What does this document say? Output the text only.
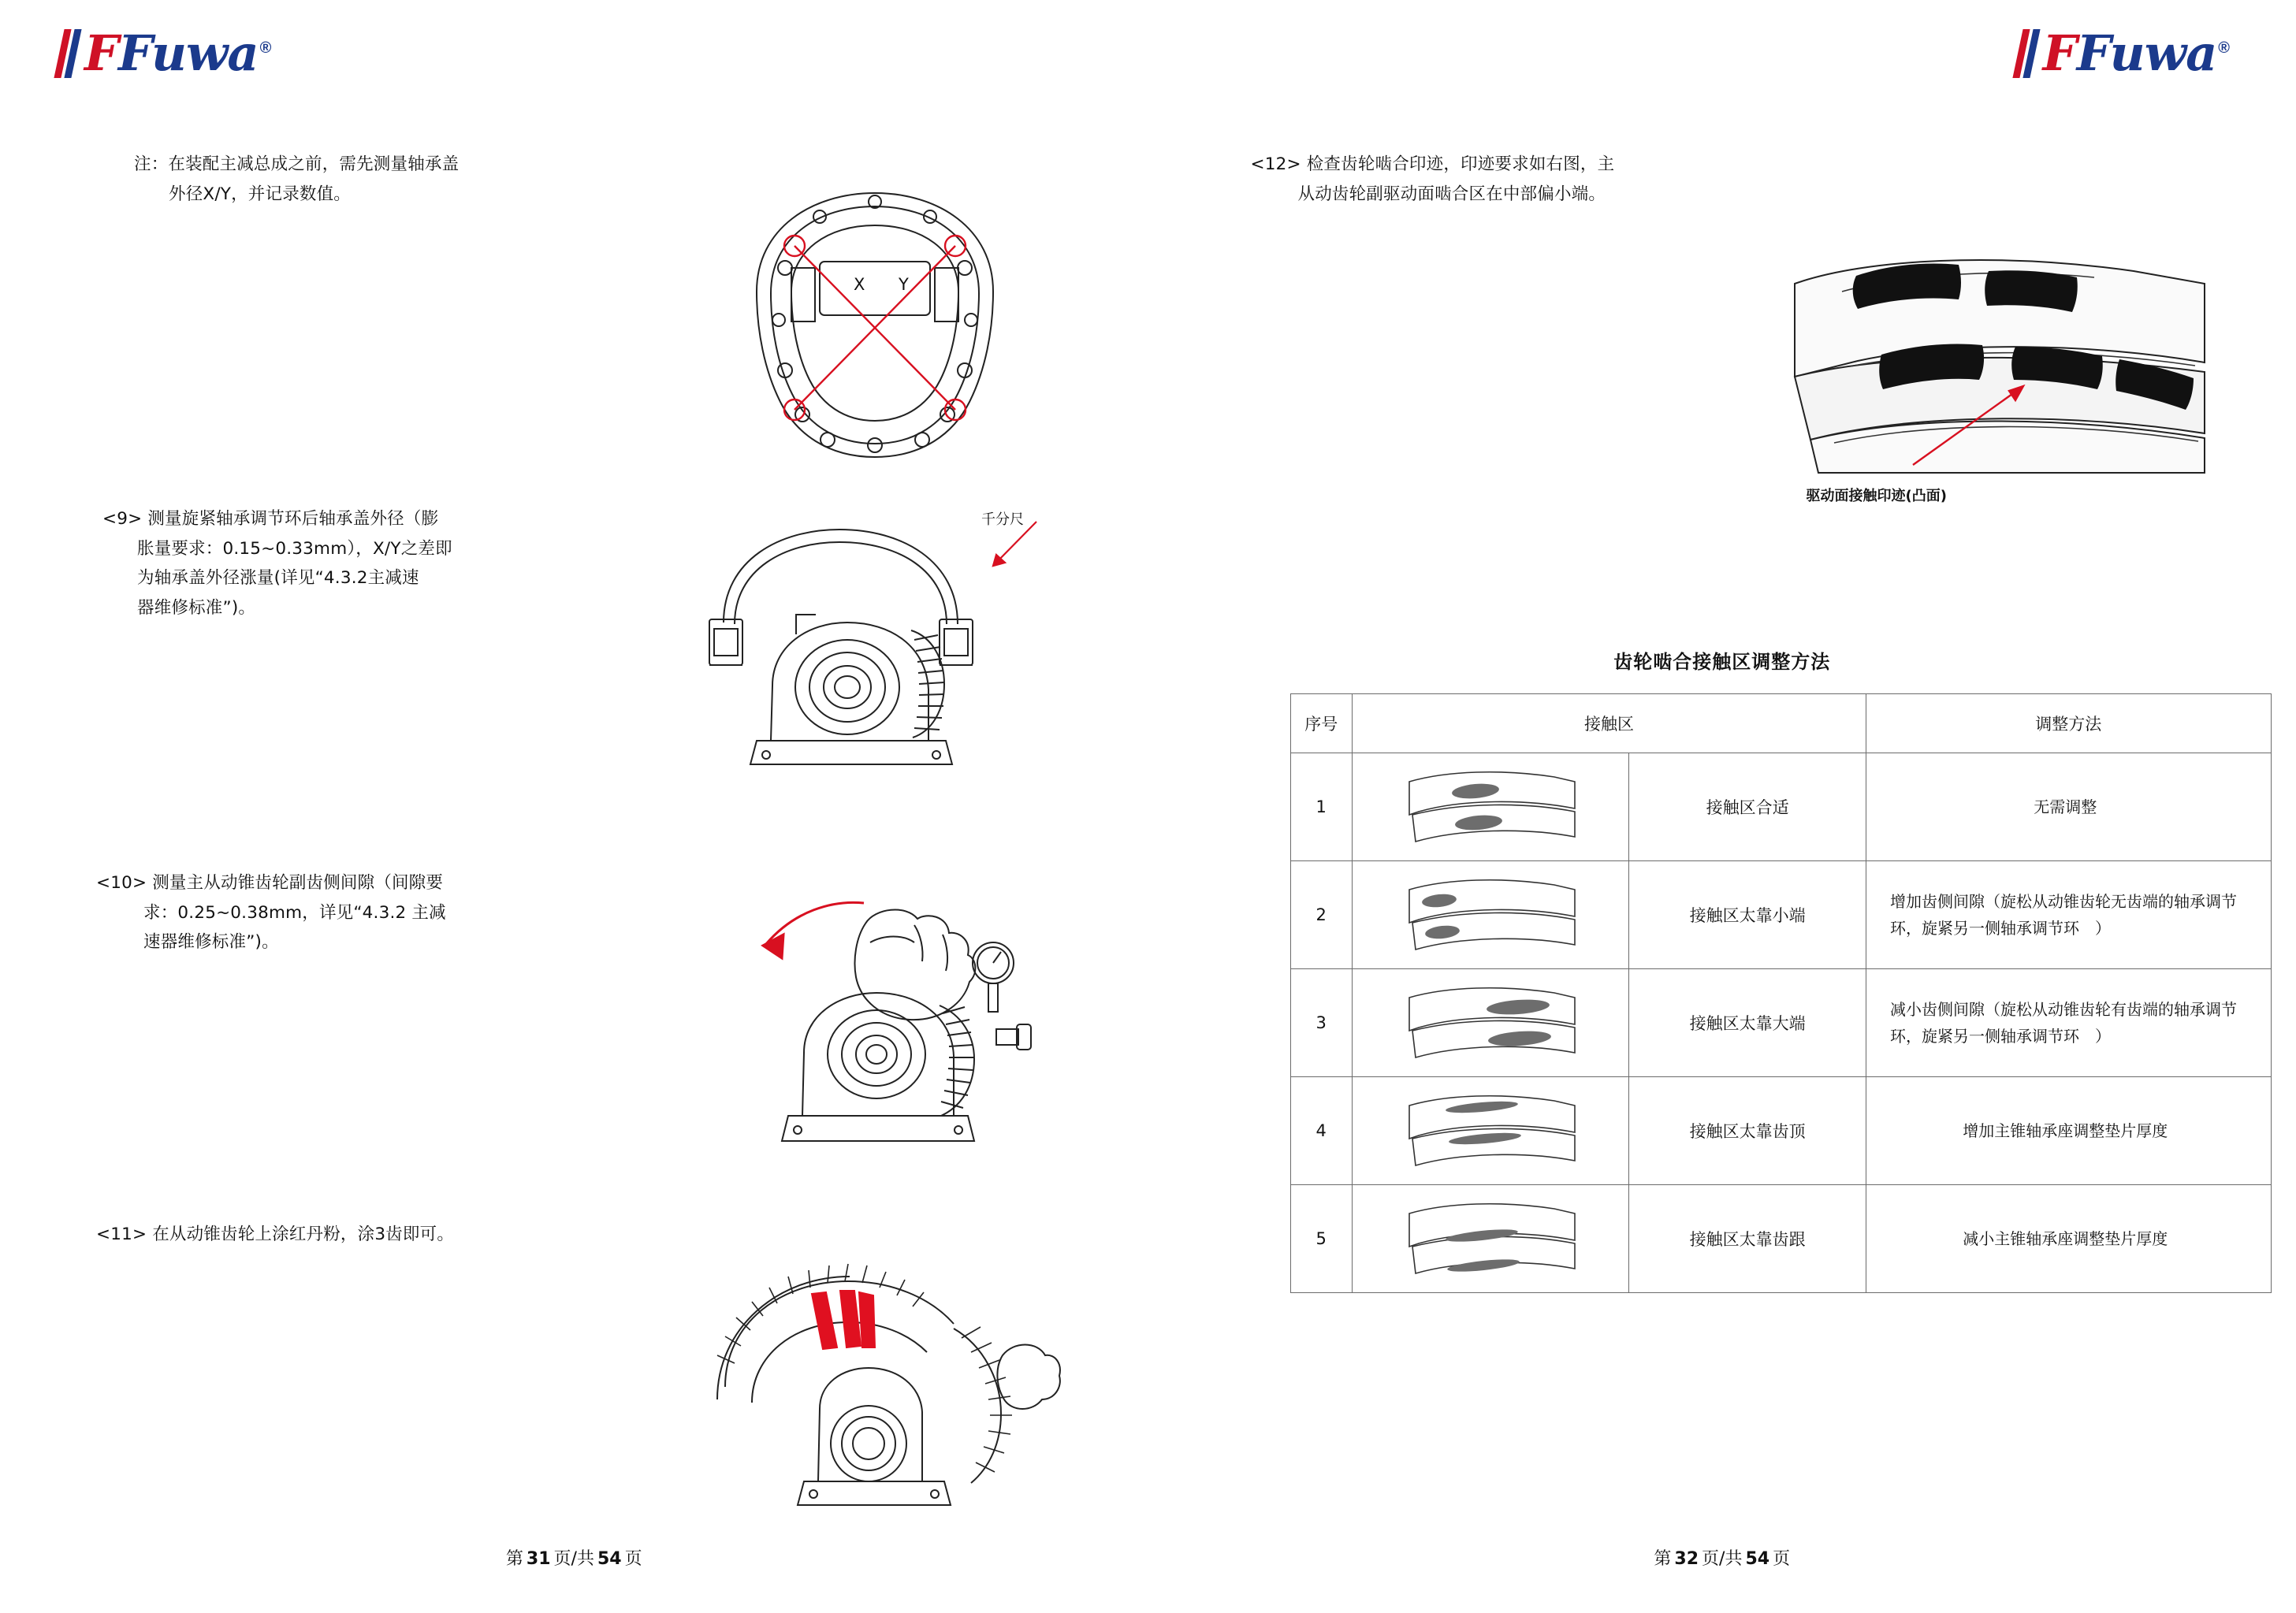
FFuwa ®
注：在装配主减总成之前，需先测量轴承盖 外径X/Y，并记录数值。
X Y
<9> 测量旋紧轴承调节环后轴承盖外径（膨 胀量要求：0.15~0.33mm），X/Y之差即 为轴承盖外径涨量(详见“4.3.2主减速 器维修标准”)。
千分尺
<10> 测量主从动锥齿轮副齿侧间隙（间隙要 求：0.25~0.38mm，详见“4.3.2 主减 速器维修标准”)。
<11> 在从动锥齿轮上涂红丹粉，涂3齿即可。
第 31 页/共 54 页
FFuwa ®
<12> 检查齿轮啮合印迹，印迹要求如右图，主 从动齿轮副驱动面啮合区在中部偏小端。
驱动面接触印迹(凸面)
齿轮啮合接触区调整方法
序号	接触区		调整方法
1		接触区合适	无需调整
2		接触区太靠小端	增加齿侧间隙（旋松从动锥齿轮无齿端的轴承调节环，旋紧另一侧轴承调节环　）
3		接触区太靠大端	减小齿侧间隙（旋松从动锥齿轮有齿端的轴承调节环，旋紧另一侧轴承调节环　）
4		接触区太靠齿顶	增加主锥轴承座调整垫片厚度
5		接触区太靠齿跟	减小主锥轴承座调整垫片厚度
第 32 页/共 54 页
